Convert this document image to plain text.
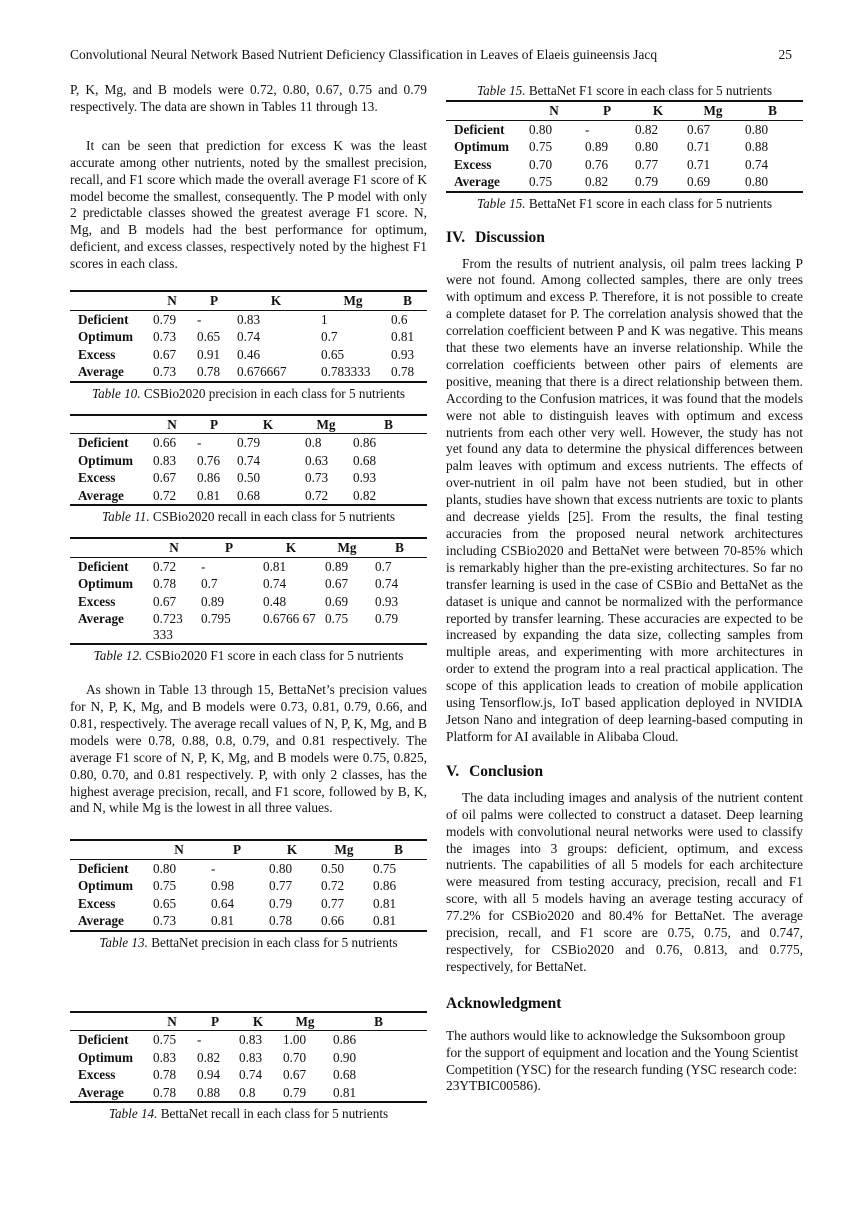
Convolutional Neural Network Based Nutrient Deficiency Classification in Leaves of Elaeis guineensis Jacq	25

P, K, Mg, and B models were 0.72, 0.80, 0.67, 0.75 and 0.79 respectively. The data are shown in Tables 11 through 13.

It can be seen that prediction for excess K was the least accurate among other nutrients, noted by the smallest precision, recall, and F1 score which made the overall average F1 score of K model become the smallest, consequently. The P model with only 2 predictable classes showed the greatest average F1 score. N, Mg, and B models had the best performance for optimum, deficient, and excess classes, respectively noted by the highest F1 scores in each class.

	N	P	K	Mg	B
Deficient	0.79	-	0.83	1	0.6
Optimum	0.73	0.65	0.74	0.7	0.81
Excess	0.67	0.91	0.46	0.65	0.93
Average	0.73	0.78	0.676667	0.783333	0.78
Table 10. CSBio2020 precision in each class for 5 nutrients
	N	P	K	Mg	B
Deficient	0.66	-	0.79	0.8	0.86
Optimum	0.83	0.76	0.74	0.63	0.68
Excess	0.67	0.86	0.50	0.73	0.93
Average	0.72	0.81	0.68	0.72	0.82
Table 11. CSBio2020 recall in each class for 5 nutrients
	N	P	K	Mg	B
Deficient	0.72	-	0.81	0.89	0.7
Optimum	0.78	0.7	0.74	0.67	0.74
Excess	0.67	0.89	0.48	0.69	0.93
Average	0.723 333	0.795	0.6766 67	0.75	0.79
Table 12. CSBio2020 F1 score in each class for 5 nutrients

As shown in Table 13 through 15, BettaNet’s precision values for N, P, K, Mg, and B models were 0.73, 0.81, 0.79, 0.66, and 0.81, respectively. The average recall values of N, P, K, Mg, and B models were 0.78, 0.88, 0.8, 0.79, and 0.81 respectively. The average F1 score of N, P, K, Mg, and B models were 0.75, 0.825, 0.80, 0.70, and 0.81 respectively. P, with only 2 classes, has the highest average precision, recall, and F1 score, followed by B, K, and N, while Mg is the lowest in all three values.

	N	P	K	Mg	B
Deficient	0.80	-	0.80	0.50	0.75
Optimum	0.75	0.98	0.77	0.72	0.86
Excess	0.65	0.64	0.79	0.77	0.81
Average	0.73	0.81	0.78	0.66	0.81
Table 13. BettaNet precision in each class for 5 nutrients
	N	P	K	Mg	B
Deficient	0.75	-	0.83	1.00	0.86
Optimum	0.83	0.82	0.83	0.70	0.90
Excess	0.78	0.94	0.74	0.67	0.68
Average	0.78	0.88	0.8	0.79	0.81
Table 14. BettaNet recall in each class for 5 nutrients
Table 15. BettaNet F1 score in each class for 5 nutrients
	N	P	K	Mg	B
Deficient	0.80	-	0.82	0.67	0.80
Optimum	0.75	0.89	0.80	0.71	0.88
Excess	0.70	0.76	0.77	0.71	0.74
Average	0.75	0.82	0.79	0.69	0.80
Table 15. BettaNet F1 score in each class for 5 nutrients
IV. Discussion

From the results of nutrient analysis, oil palm trees lacking P were not found. Among collected samples, there are only trees with optimum and excess P. Therefore, it is not possible to create a complete dataset for P. The correlation analysis showed that the correlation coefficient between P and K was negative. This means that these two elements have an inverse relationship. While the correlation coefficients between other pairs of elements are positive, meaning that there is a direct relationship between them. According to the Confusion matrices, it was found that the models were not able to distinguish leaves with optimum and excess nutrients from each other very well. However, the study has not yet found any data to determine the physical differences between palm leaves with optimum and excess nutrients. The effects of over-nutrient in oil palm have not been studied, but in other plants, studies have shown that excess nutrients are toxic to plants and decrease yields [25]. From the results, the final testing accuracies from the proposed neural network architectures including CSBio2020 and BettaNet were between 70-85% which is remarkably higher than the pre-existing architectures. So far no transfer learning is used in the case of CSBio and BettaNet as the dataset is unique and cannot be normalized with the performance reported by transfer learning. These accuracies are expected to be increased by expanding the data size, collecting samples from multiple areas, and experimenting with more architectures in order to extend the program into a real practical application. The scope of this application leads to creation of mobile application using Tensorflow.js, IoT based application deployed in NVIDIA Jetson Nano and integration of deep learning-based computing in Platform for AI available in Alibaba Cloud.

V. Conclusion

The data including images and analysis of the nutrient content of oil palms were collected to construct a dataset. Deep learning models with convolutional neural networks were used to classify the images into 3 groups: deficient, optimum, and excess nutrients. The capabilities of all 5 models for each architecture were measured from testing accuracy, precision, recall and F1 score, with all 5 models having an average testing accuracy of 77.2% for CSBio2020 and 80.4% for BettaNet. The average precision, recall, and F1 score are 0.75, 0.75, and 0.747, respectively, for CSBio2020 and 0.76, 0.813, and 0.775, respectively, for BettaNet.

Acknowledgment

The authors would like to acknowledge the Suksomboon group for the support of equipment and location and the Young Scientist Competition (YSC) for the research funding (YSC research code: 23YTBIC00586).
